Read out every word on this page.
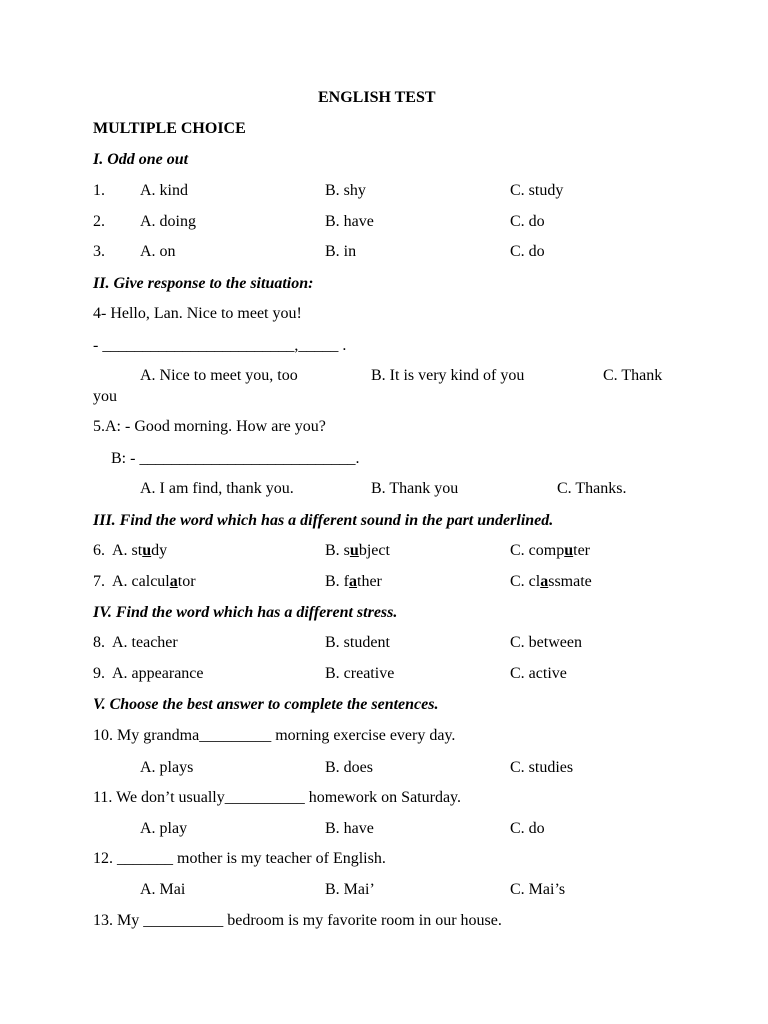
ENGLISH TEST
MULTIPLE CHOICE
I. Odd one out
1. A. kind	B. shy	C. study
2. A. doing	B. have	C. do
3. A. on	B. in	C. do
II. Give response to the situation:
4- Hello, Lan. Nice to meet you!
- ________________________,_____ .
A. Nice to meet you, too	B. It is very kind of you	C. Thank
you
5.A: - Good morning. How are you?
B: - ___________________________.
A. I am find, thank you.	B. Thank you	C. Thanks.
III. Find the word which has a different sound in the part underlined.
6. A. study	B. subject	C. computer
7. A. calculator	B. father	C. classmate
IV. Find the word which has a different stress.
8. A. teacher	B. student	C. between
9. A. appearance	B. creative	C. active
V. Choose the best answer to complete the sentences.
10. My grandma_________ morning exercise every day.
A. plays	B. does	C. studies
11. We don’t usually__________ homework on Saturday.
A. play	B. have	C. do
12. _______ mother is my teacher of English.
A. Mai	B. Mai’	C. Mai’s
13. My __________ bedroom is my favorite room in our house.
